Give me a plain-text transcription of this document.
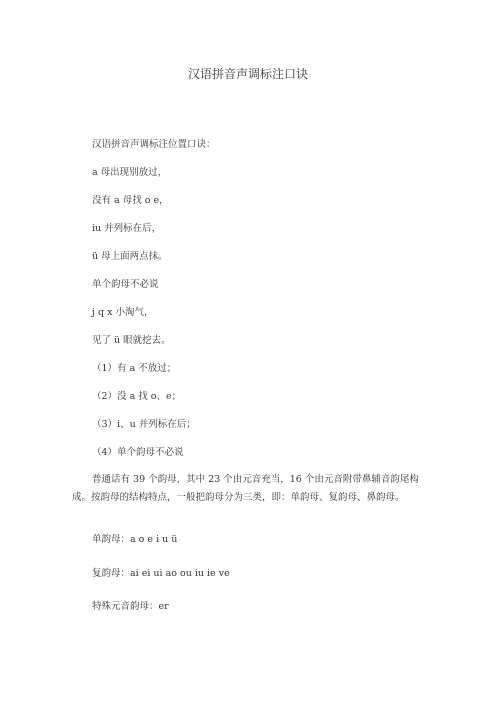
汉语拼音声调标注口诀
汉语拼音声调标注位置口诀：
a 母出现别放过，
没有 a 母找 o e，
iu 并列标在后，
ü 母上面两点抹。
单个韵母不必说
j q x 小淘气，
见了 ü 眼就挖去。
（1）有 a 不放过；
（2）没 a 找 o、e；
（3）i、u 并列标在后；
（4）单个韵母不必说
普通话有 39 个韵母，其中 23 个由元音充当，16 个由元音附带鼻辅音韵尾构成。按韵母的结构特点，一般把韵母分为三类，即：单韵母、复韵母、鼻韵母。
单韵母：a o e i u ü
复韵母：ai ei ui ao ou iu ie ve
特殊元音韵母：er
